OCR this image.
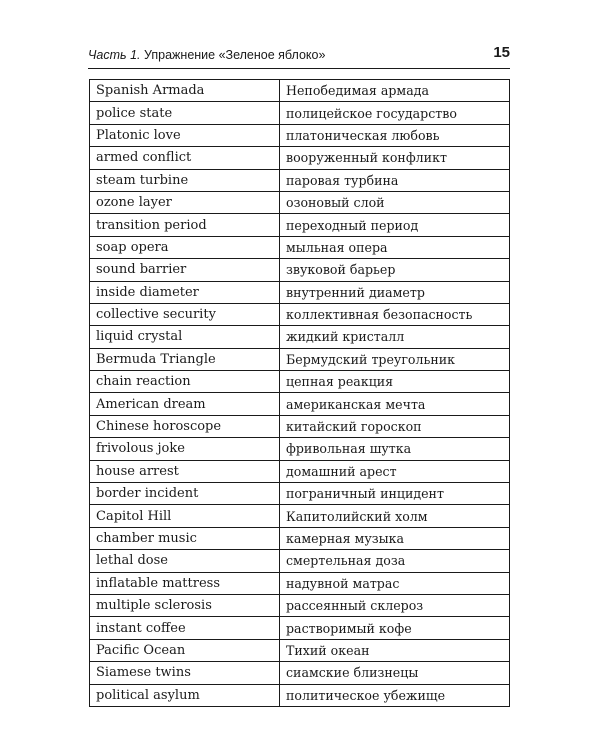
Часть 1. Упражнение «Зеленое яблоко»	15
Spanish Armada	Непобедимая армада
police state	полицейское государство
Platonic love	платоническая любовь
armed conflict	вооруженный конфликт
steam turbine	паровая турбина
ozone layer	озоновый слой
transition period	переходный период
soap opera	мыльная опера
sound barrier	звуковой барьер
inside diameter	внутренний диаметр
collective security	коллективная безопасность
liquid crystal	жидкий кристалл
Bermuda Triangle	Бермудский треугольник
chain reaction	цепная реакция
American dream	американская мечта
Chinese horoscope	китайский гороскоп
frivolous joke	фривольная шутка
house arrest	домашний арест
border incident	пограничный инцидент
Capitol Hill	Капитолийский холм
chamber music	камерная музыка
lethal dose	смертельная доза
inflatable mattress	надувной матрас
multiple sclerosis	рассеянный склероз
instant coffee	растворимый кофе
Pacific Ocean	Тихий океан
Siamese twins	сиамские близнецы
political asylum	политическое убежище
